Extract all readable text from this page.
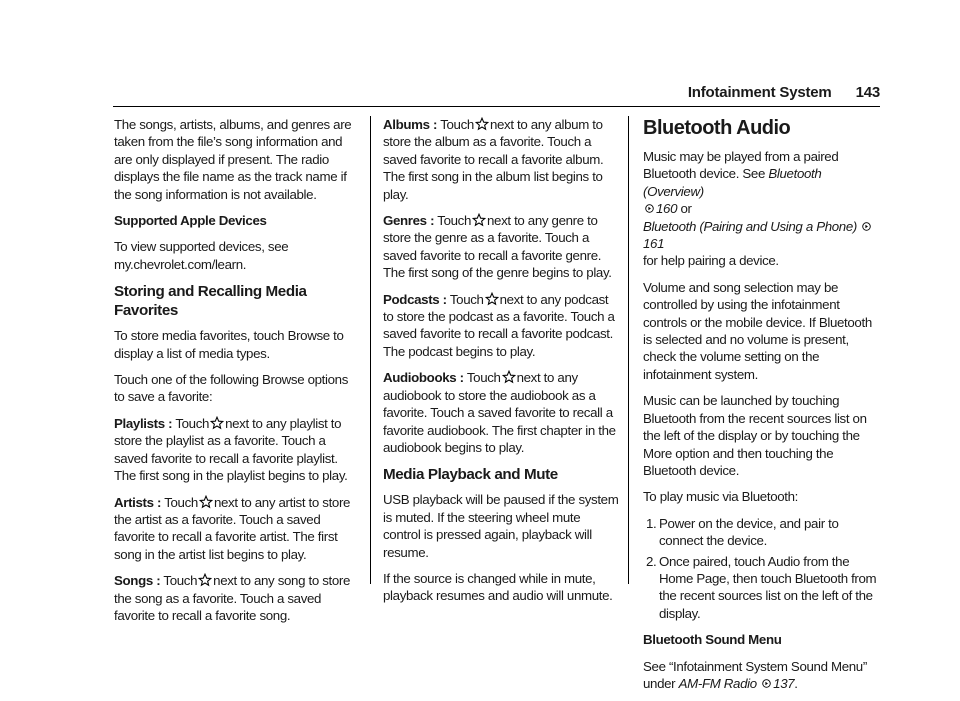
Infotainment System 143

The songs, artists, albums, and genres are taken from the file’s song information and are only displayed if present. The radio displays the file name as the track name if the song information is not available.

Supported Apple Devices

To view supported devices, see my.chevrolet.com/learn.

Storing and Recalling Media Favorites

To store media favorites, touch Browse to display a list of media types.

Touch one of the following Browse options to save a favorite:

Playlists : Touch next to any playlist to store the playlist as a favorite. Touch a saved favorite to recall a favorite playlist. The first song in the playlist begins to play.

Artists : Touch next to any artist to store the artist as a favorite. Touch a saved favorite to recall a favorite artist. The first song in the artist list begins to play.

Songs : Touch next to any song to store the song as a favorite. Touch a saved favorite to recall a favorite song.

Albums : Touch next to any album to store the album as a favorite. Touch a saved favorite to recall a favorite album. The first song in the album list begins to play.

Genres : Touch next to any genre to store the genre as a favorite. Touch a saved favorite to recall a favorite genre. The first song of the genre begins to play.

Podcasts : Touch next to any podcast to store the podcast as a favorite. Touch a saved favorite to recall a favorite podcast. The podcast begins to play.

Audiobooks : Touch next to any audiobook to store the audiobook as a favorite. Touch a saved favorite to recall a favorite audiobook. The first chapter in the audiobook begins to play.

Media Playback and Mute

USB playback will be paused if the system is muted. If the steering wheel mute control is pressed again, playback will resume.

If the source is changed while in mute, playback resumes and audio will unmute.

Bluetooth Audio

Music may be played from a paired Bluetooth device. See Bluetooth (Overview)

160 or
Bluetooth (Pairing and Using a Phone)
161
for help pairing a device.

Volume and song selection may be controlled by using the infotainment controls or the mobile device. If Bluetooth is selected and no volume is present, check the volume setting on the infotainment system.

Music can be launched by touching Bluetooth from the recent sources list on the left of the display or by touching the More option and then touching the Bluetooth device.

To play music via Bluetooth:

1. Power on the device, and pair to connect the device.
2. Once paired, touch Audio from the Home Page, then touch Bluetooth from the recent sources list on the left of the display.

Bluetooth Sound Menu

See “Infotainment System Sound Menu” under AM-FM Radio 137.
